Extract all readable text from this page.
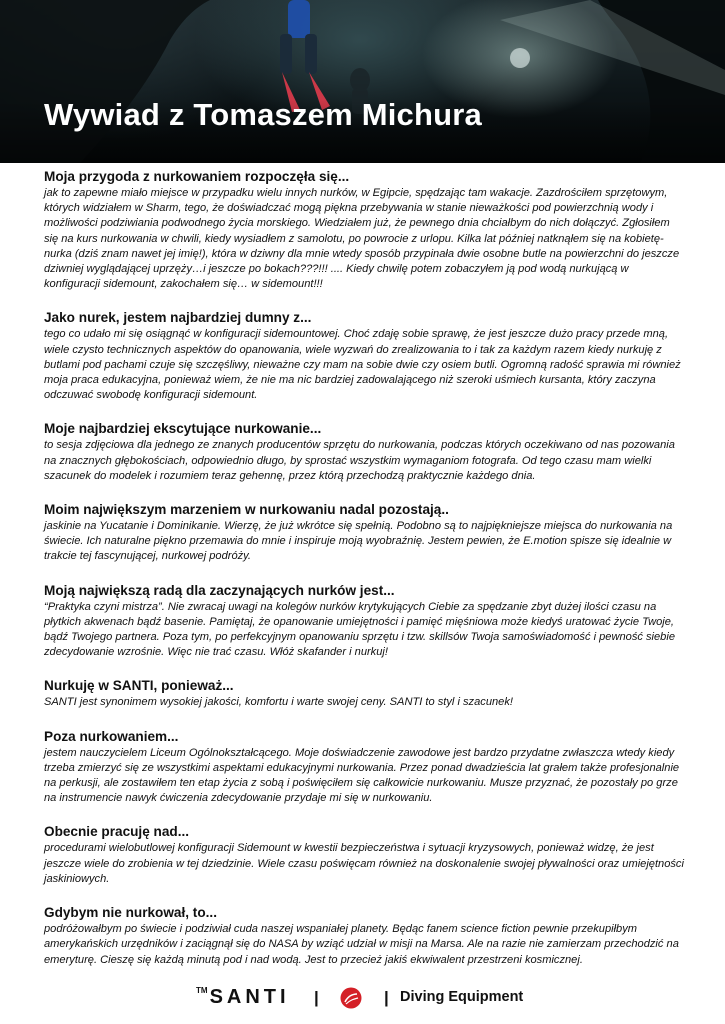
Wywiad z Tomaszem Michura
Moja przygoda z nurkowaniem rozpoczęła się...

jak to zapewne miało miejsce w przypadku wielu innych nurków, w Egipcie, spędzając tam wakacje. Zazdrościłem sprzętowym, których widziałem w Sharm, tego, że doświadczać mogą piękna przebywania w stanie nieważkości pod powierzchnią wody i możliwości podziwiania podwodnego życia morskiego. Wiedziałem już, że pewnego dnia chciałbym do nich dołączyć. Zgłosiłem się na kurs nurkowania w chwili, kiedy wysiadłem z samolotu, po powrocie z urlopu. Kilka lat później natknąłem się na kobietę-nurka (dziś znam nawet jej imię!), która w dziwny dla mnie wtedy sposób przypinała dwie osobne butle na powierzchni do jeszcze dziwniej wyglądającej uprzęży…i jeszcze po bokach???!!! .... Kiedy chwilę potem zobaczyłem ją pod wodą nurkującą w konfiguracji sidemount, zakochałem się… w sidemount!!!

Jako nurek, jestem najbardziej dumny z...

tego co udało mi się osiągnąć w konfiguracji sidemountowej. Choć zdaję sobie sprawę, że jest jeszcze dużo pracy przede mną, wiele czysto technicznych aspektów do opanowania, wiele wyzwań do zrealizowania to i tak za każdym razem kiedy nurkuję z butlami pod pachami czuje się szczęśliwy, nieważne czy mam na sobie dwie czy osiem butli. Ogromną radość sprawia mi również moja praca edukacyjna, ponieważ wiem, że nie ma nic bardziej zadowalającego niż szeroki uśmiech kursanta, który zaczyna odczuwać swobodę konfiguracji sidemount.

Moje najbardziej ekscytujące nurkowanie...

to sesja zdjęciowa dla jednego ze znanych producentów sprzętu do nurkowania, podczas których oczekiwano od nas pozowania na znacznych głębokościach, odpowiednio długo, by sprostać wszystkim wymaganiom fotografa. Od tego czasu mam wielki szacunek do modelek i rozumiem teraz gehennę, przez którą przechodzą praktycznie każdego dnia.

Moim największym marzeniem w nurkowaniu nadal pozostają..

jaskinie na Yucatanie i Dominikanie. Wierzę, że już wkrótce się spełnią. Podobno są to najpiękniejsze miejsca do nurkowania na świecie. Ich naturalne piękno przemawia do mnie i inspiruje moją wyobraźnię. Jestem pewien, że E.motion spisze się idealnie w trakcie tej fascynującej, nurkowej podróży.

Moją największą radą dla zaczynających nurków jest...

“Praktyka czyni mistrza”. Nie zwracaj uwagi na kolegów nurków krytykujących Ciebie za spędzanie zbyt dużej ilości czasu na płytkich akwenach bądź basenie. Pamiętaj, że opanowanie umiejętności i pamięć mięśniowa może kiedyś uratować życie Twoje, bądź Twojego partnera. Poza tym, po perfekcyjnym opanowaniu sprzętu i tzw. skillsów Twoja samoświadomość i pewność siebie zdecydowanie wzrośnie. Więc nie trać czasu. Włóż skafander i nurkuj!

Nurkuję w SANTI, ponieważ...

SANTI jest synonimem wysokiej jakości, komfortu i warte swojej ceny. SANTI to styl i szacunek!

Poza nurkowaniem...

jestem nauczycielem Liceum Ogólnokształcącego. Moje doświadczenie zawodowe jest bardzo przydatne zwłaszcza wtedy kiedy trzeba zmierzyć się ze wszystkimi aspektami edukacyjnymi nurkowania. Przez ponad dwadzieścia lat grałem także profesjonalnie na perkusji, ale zostawiłem ten etap życia z sobą i poświęciłem się całkowicie nurkowaniu. Musze przyznać, że pozostały po grze na instrumencie nawyk ćwiczenia zdecydowanie przydaje mi się w nurkowaniu.

Obecnie pracuję nad...

procedurami wielobutlowej konfiguracji Sidemount w kwestii bezpieczeństwa i sytuacji kryzysowych, ponieważ widzę, że jest jeszcze wiele do zrobienia w tej dziedzinie. Wiele czasu poświęcam również na doskonalenie swojej pływalności oraz umiejętności jaskiniowych.

Gdybym nie nurkował, to...

podróżowałbym po świecie i podziwiał cuda naszej wspaniałej planety. Będąc fanem science fiction pewnie przekupiłbym amerykańskich urzędników i zaciągnął się do NASA by wziąć udział w misji na Marsa. Ale na razie nie zamierzam przechodzić na emeryturę. Cieszę się każdą minutą pod i nad wodą. Jest to przecież jakiś ekwiwalent przestrzeni kosmicznej.

™ SANTI |	| Diving Equipment
